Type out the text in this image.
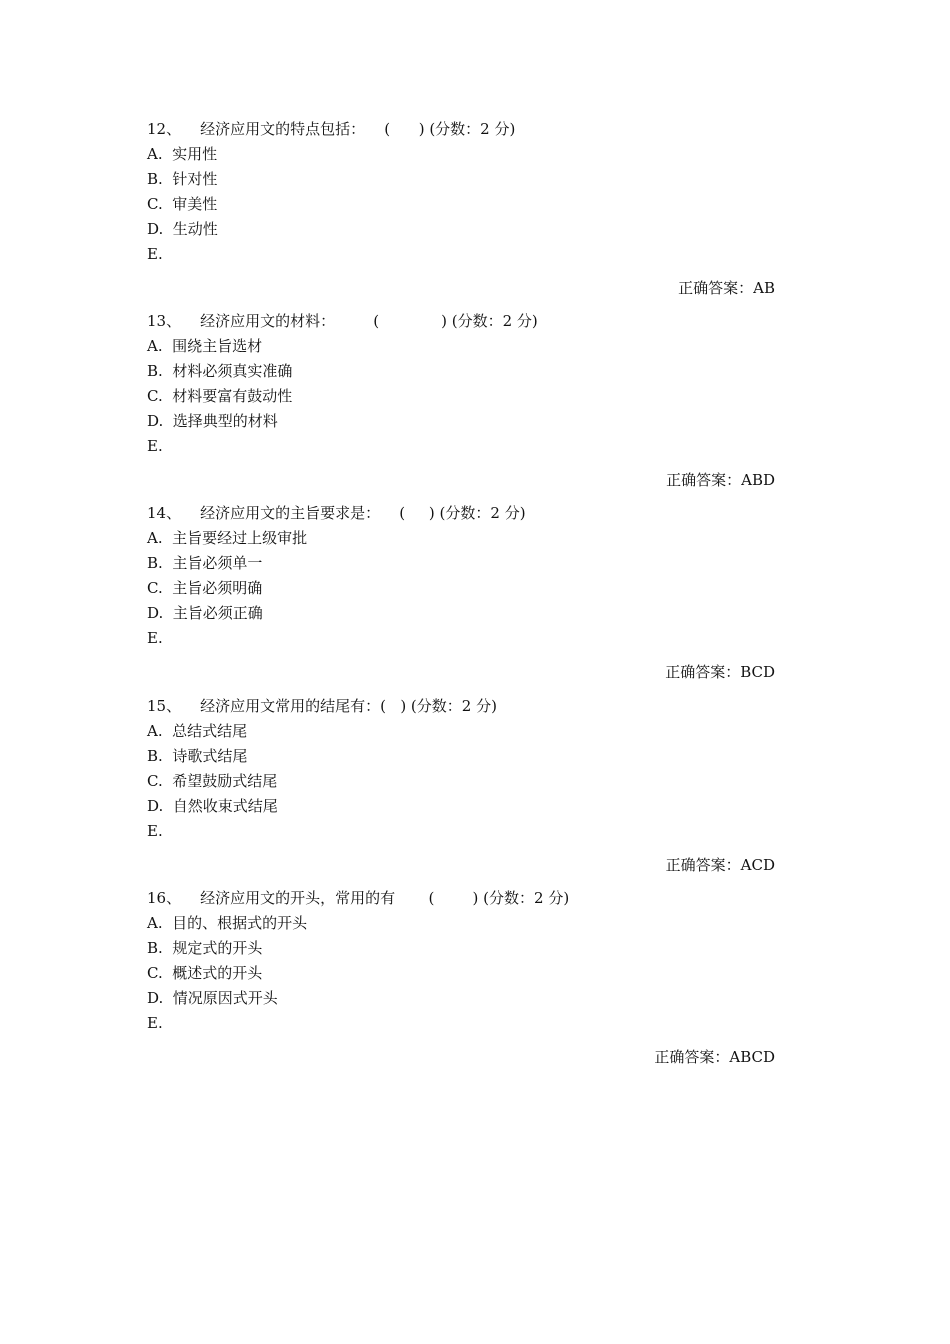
12、    经济应用文的特点包括：    (      ) (分数：2 分)
A.  实用性
B.  针对性
C.  审美性
D.  生动性
E.
正确答案：AB
13、    经济应用文的材料：        (             ) (分数：2 分)
A.  围绕主旨选材
B.  材料必须真实准确
C.  材料要富有鼓动性
D.  选择典型的材料
E.
正确答案：ABD
14、    经济应用文的主旨要求是：    (     ) (分数：2 分)
A.  主旨要经过上级审批
B.  主旨必须单一
C.  主旨必须明确
D.  主旨必须正确
E.
正确答案：BCD
15、    经济应用文常用的结尾有：(   ) (分数：2 分)
A.  总结式结尾
B.  诗歌式结尾
C.  希望鼓励式结尾
D.  自然收束式结尾
E.
正确答案：ACD
16、    经济应用文的开头，常用的有       (        ) (分数：2 分)
A.  目的、根据式的开头
B.  规定式的开头
C.  概述式的开头
D.  情况原因式开头
E.
正确答案：ABCD
